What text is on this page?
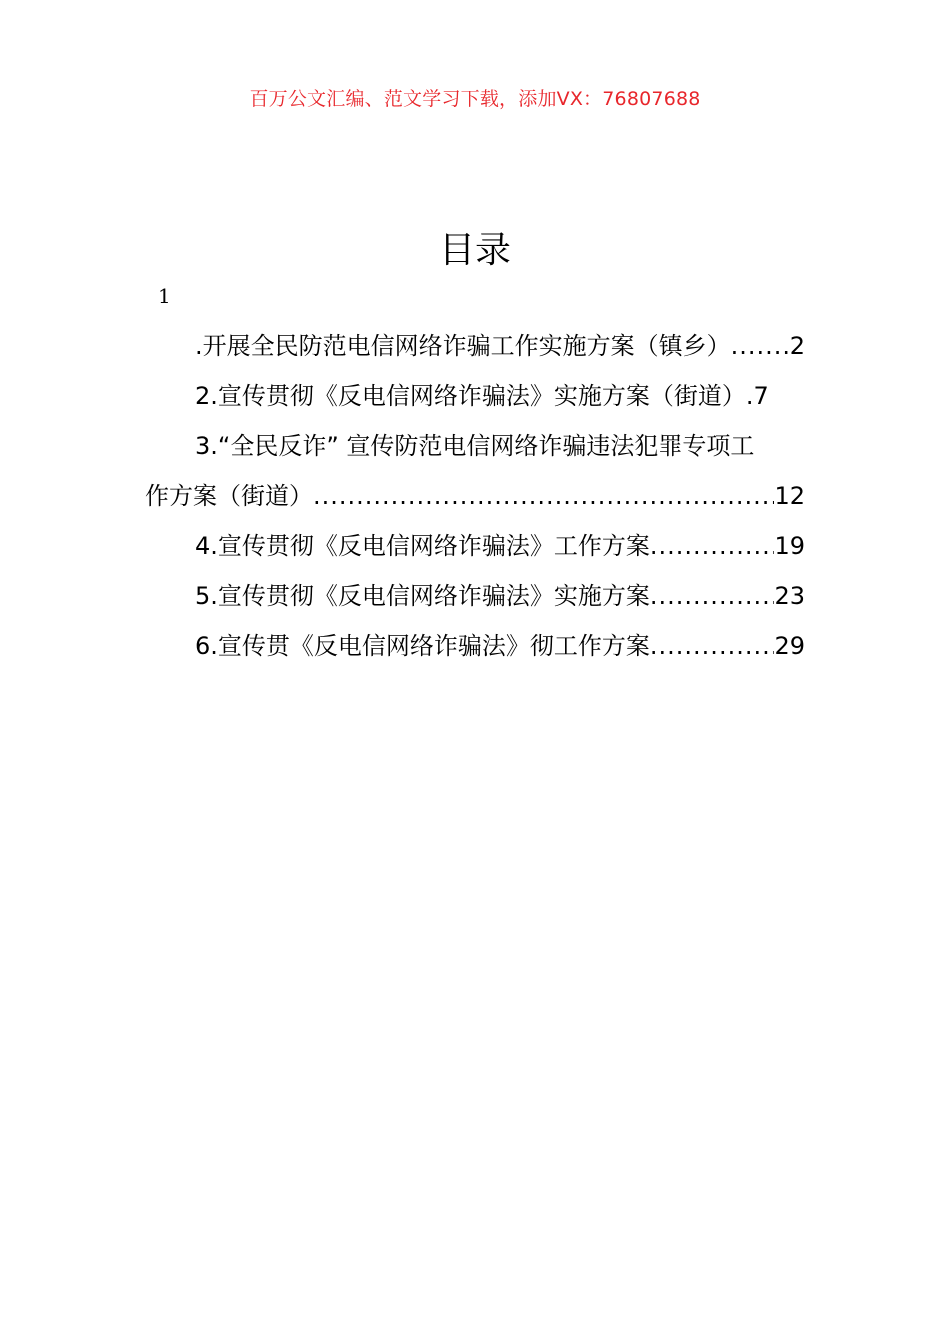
百万公文汇编、范文学习下载，添加VX：76807688
目录
1
.开展全民防范电信网络诈骗工作实施方案（镇乡） ..... 2
2.宣传贯彻《反电信网络诈骗法》实施方案（街道） .7
3.“全民反诈” 宣传防范电信网络诈骗违法犯罪专项工
作方案（街道） .....	12
4.宣传贯彻《反电信网络诈骗法》工作方案 .....	19
5.宣传贯彻《反电信网络诈骗法》实施方案 .....	23
6.宣传贯《反电信网络诈骗法》彻工作方案 .....	29
